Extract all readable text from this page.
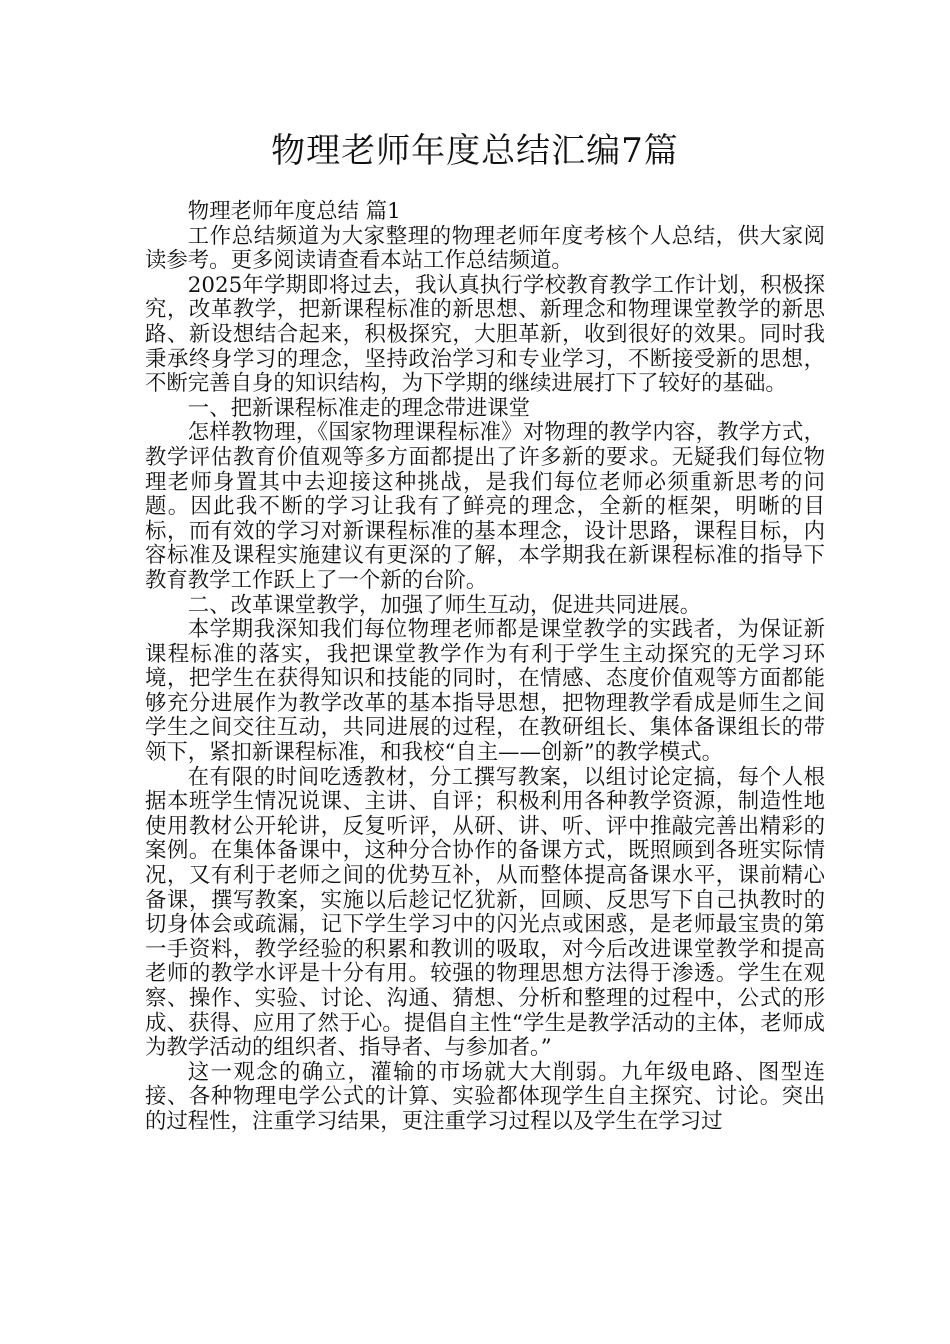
物理老师年度总结汇编7篇

物理老师年度总结 篇1

工作总结频道为大家整理的物理老师年度考核个人总结，供大家阅读参考。更多阅读请查看本站工作总结频道。

2025年学期即将过去，我认真执行学校教育教学工作计划，积极探究，改革教学，把新课程标准的新思想、新理念和物理课堂教学的新思路、新设想结合起来，积极探究，大胆革新，收到很好的效果。同时我秉承终身学习的理念，坚持政治学习和专业学习，不断接受新的思想，不断完善自身的知识结构，为下学期的继续进展打下了较好的基础。

一、把新课程标准走的理念带进课堂

怎样教物理，《国家物理课程标准》对物理的教学内容，教学方式，教学评估教育价值观等多方面都提出了许多新的要求。无疑我们每位物理老师身置其中去迎接这种挑战，是我们每位老师必须重新思考的问题。因此我不断的学习让我有了鲜亮的理念，全新的框架，明晰的目标，而有效的学习对新课程标准的基本理念，设计思路，课程目标，内容标准及课程实施建议有更深的了解，本学期我在新课程标准的指导下教育教学工作跃上了一个新的台阶。

二、改革课堂教学，加强了师生互动，促进共同进展。

本学期我深知我们每位物理老师都是课堂教学的实践者，为保证新课程标准的落实，我把课堂教学作为有利于学生主动探究的无学习环境，把学生在获得知识和技能的同时，在情感、态度价值观等方面都能够充分进展作为教学改革的基本指导思想，把物理教学看成是师生之间学生之间交往互动，共同进展的过程，在教研组长、集体备课组长的带领下，紧扣新课程标准，和我校“自主——创新”的教学模式。

在有限的时间吃透教材，分工撰写教案，以组讨论定搞，每个人根据本班学生情况说课、主讲、自评；积极利用各种教学资源，制造性地使用教材公开轮讲，反复听评，从研、讲、听、评中推敲完善出精彩的案例。在集体备课中，这种分合协作的备课方式，既照顾到各班实际情况，又有利于老师之间的优势互补，从而整体提高备课水平，课前精心备课，撰写教案，实施以后趁记忆犹新，回顾、反思写下自己执教时的切身体会或疏漏，记下学生学习中的闪光点或困惑，是老师最宝贵的第一手资料，教学经验的积累和教训的吸取，对今后改进课堂教学和提高老师的教学水评是十分有用。较强的物理思想方法得于渗透。学生在观察、操作、实验、讨论、沟通、猜想、分析和整理的过程中，公式的形成、获得、应用了然于心。提倡自主性“学生是教学活动的主体，老师成为教学活动的组织者、指导者、与参加者。”

这一观念的确立，灌输的市场就大大削弱。九年级电路、图型连接、各种物理电学公式的计算、实验都体现学生自主探究、讨论。突出的过程性，注重学习结果，更注重学习过程以及学生在学习过
